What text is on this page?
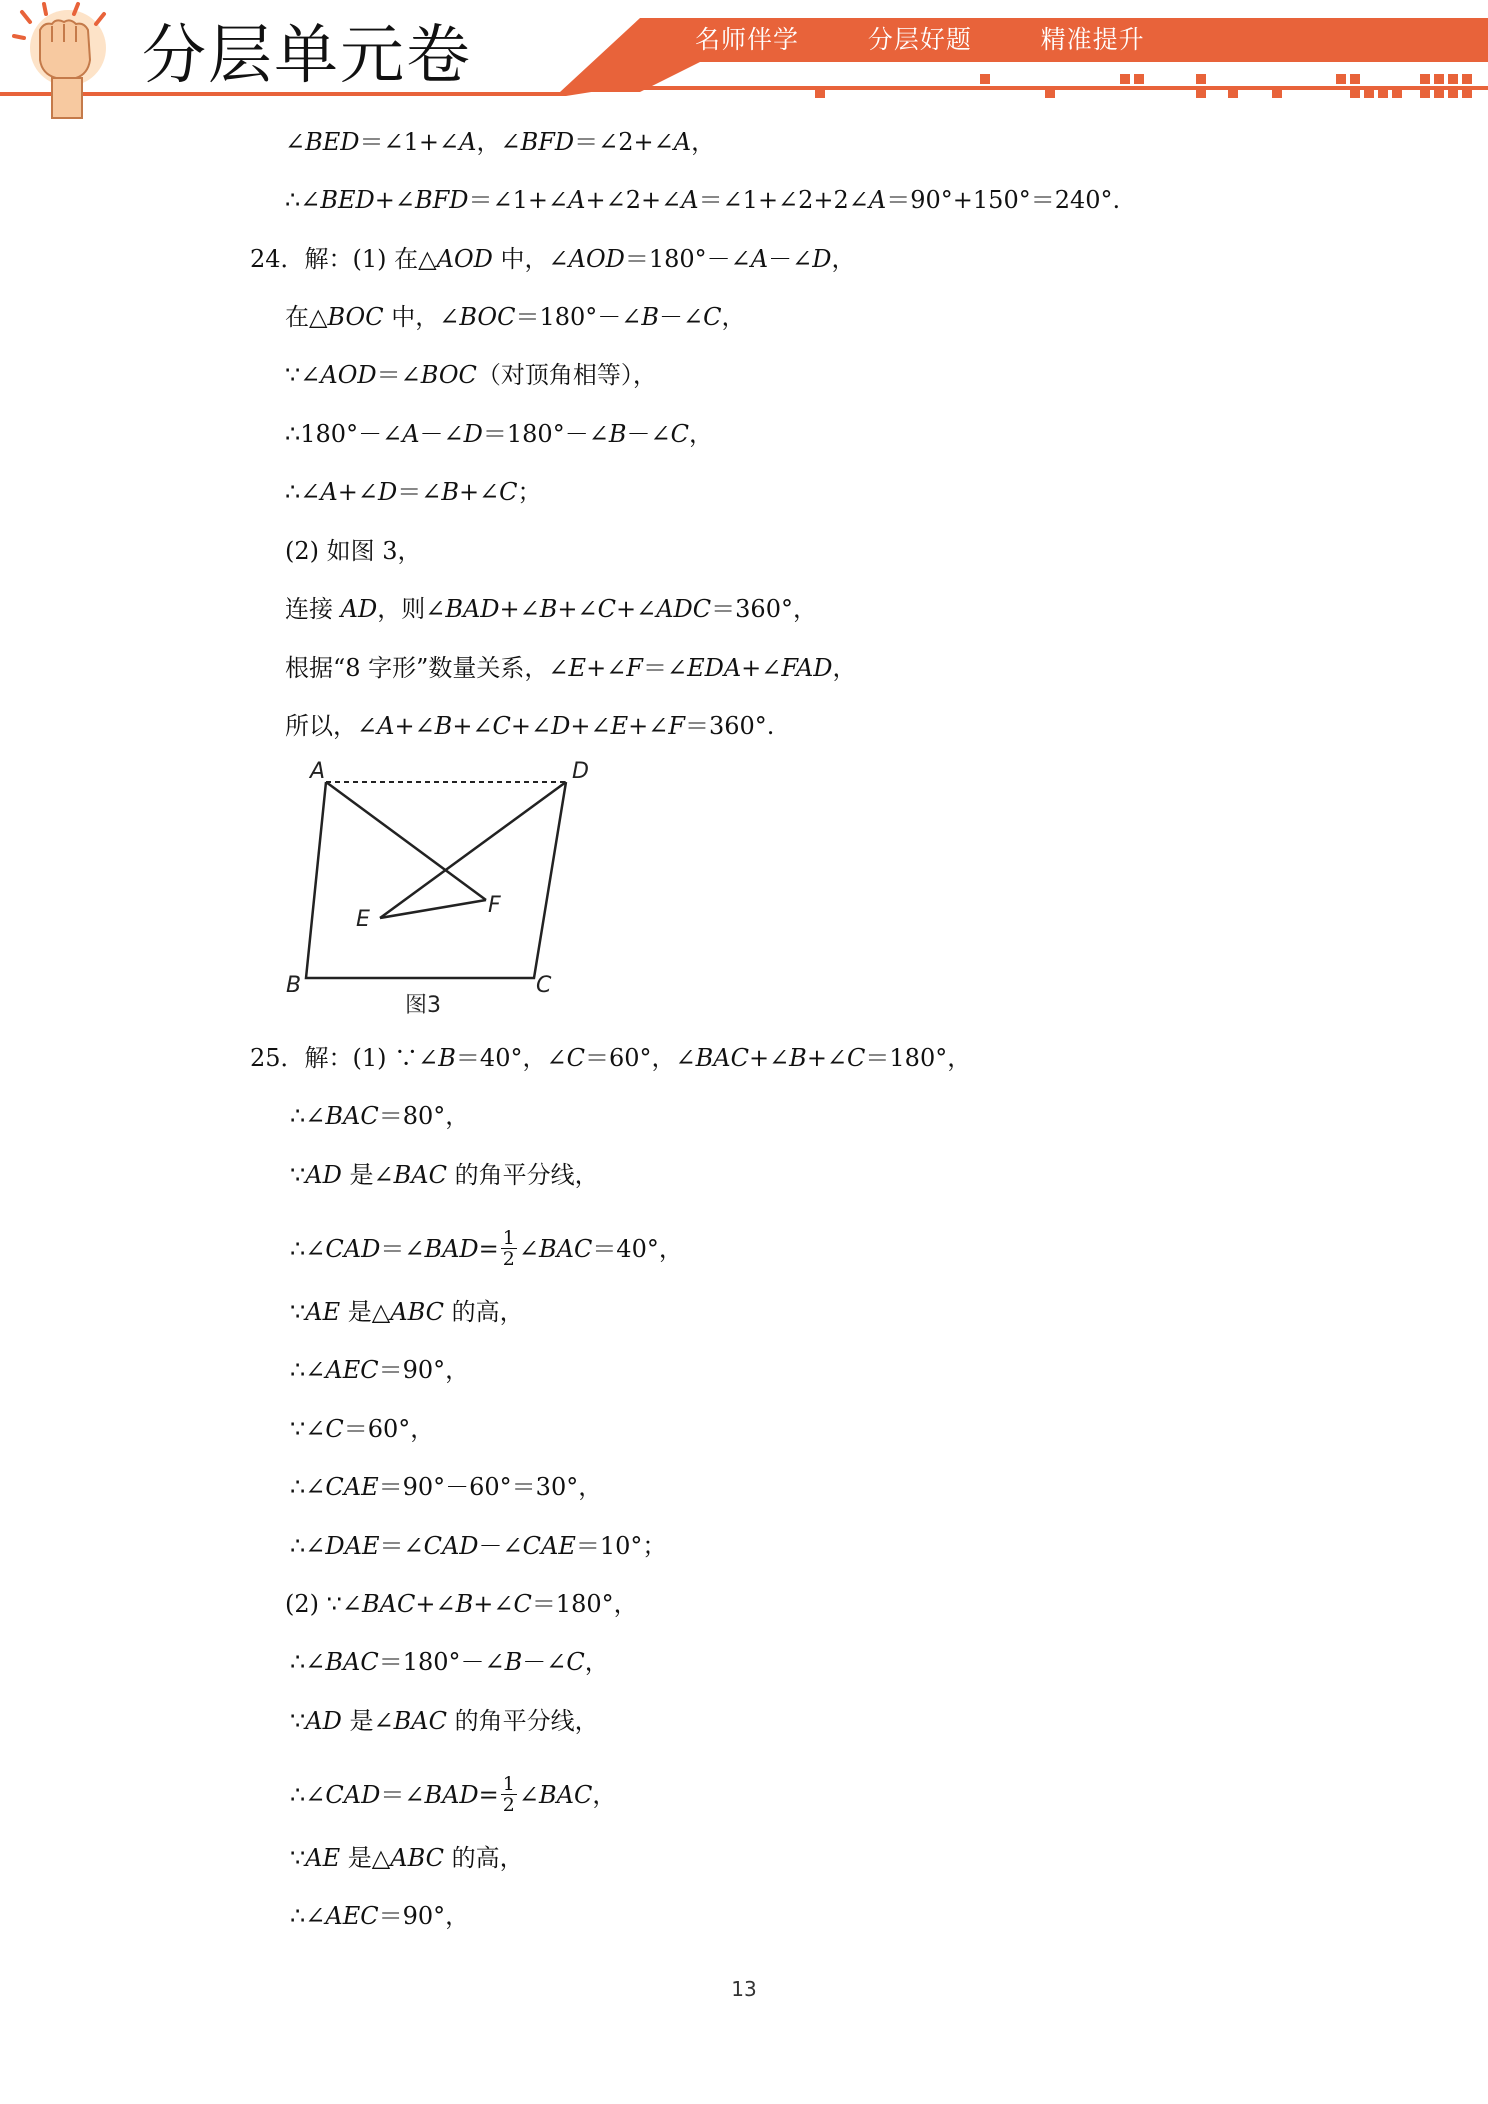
分层单元卷	名师伴学   分层好题   精准提升
∠BED＝∠1+∠A，∠BFD＝∠2+∠A，
∴∠BED+∠BFD＝∠1+∠A+∠2+∠A＝∠1+∠2+2∠A＝90°+150°＝240°.
24．解：(1) 在△AOD 中，∠AOD＝180°－∠A－∠D，
在△BOC 中，∠BOC＝180°－∠B－∠C，
∵∠AOD＝∠BOC（对顶角相等），
∴180°－∠A－∠D＝180°－∠B－∠C，
∴∠A+∠D＝∠B+∠C；
(2) 如图 3，
连接 AD，则∠BAD+∠B+∠C+∠ADC＝360°，
根据“8 字形”数量关系，∠E+∠F＝∠EDA+∠FAD，
所以，∠A+∠B+∠C+∠D+∠E+∠F＝360°.
A	D
E
F
B	C
图3
25．解：(1) ∵∠B＝40°，∠C＝60°，∠BAC+∠B+∠C＝180°，
∴∠BAC＝80°，
∵AD 是∠BAC 的角平分线，
∴∠CAD＝∠BAD= $\frac{1}{2}$ ∠BAC＝40°，
∵AE 是△ABC 的高，
∴∠AEC＝90°，
∵∠C＝60°，
∴∠CAE＝90°－60°＝30°，
∴∠DAE＝∠CAD－∠CAE＝10°；
(2) ∵∠BAC+∠B+∠C＝180°，
∴∠BAC＝180°－∠B－∠C，
∵AD 是∠BAC 的角平分线，
∴∠CAD＝∠BAD= $\frac{1}{2}$ ∠BAC，
∵AE 是△ABC 的高，
∴∠AEC＝90°，
13
